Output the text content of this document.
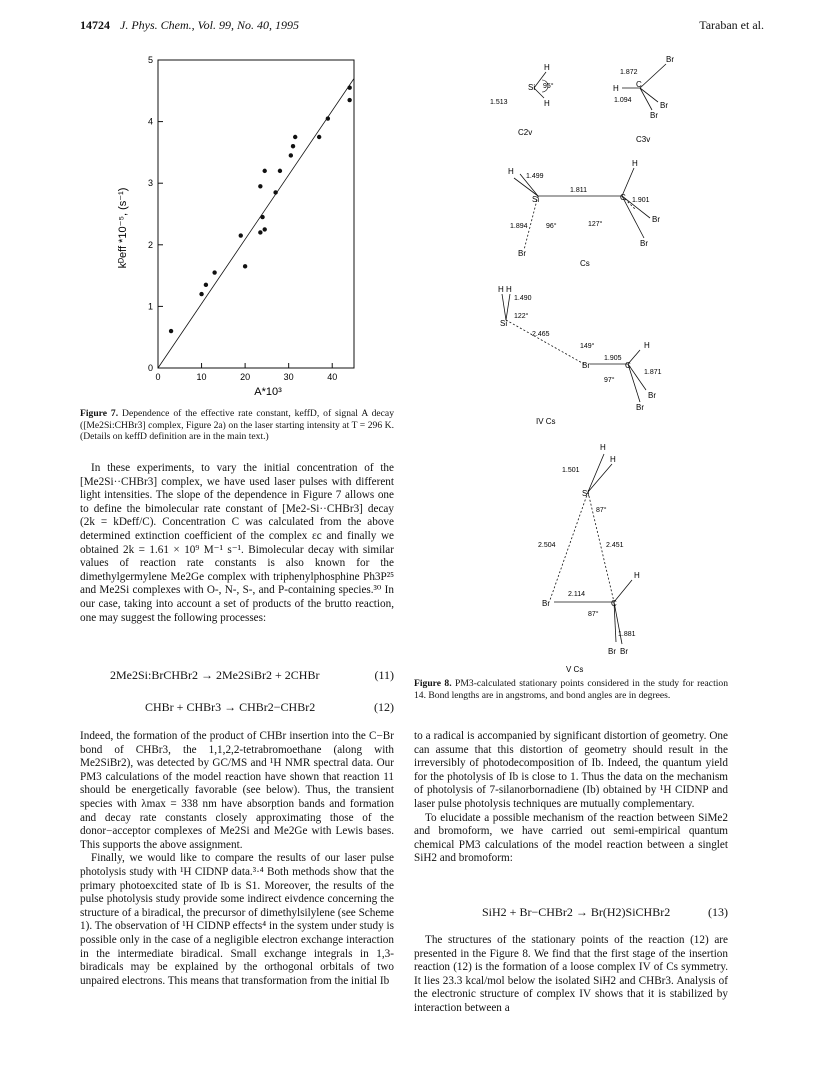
14724 J. Phys. Chem., Vol. 99, No. 40, 1995	Taraban et al.
0	10	20	30	40
0
1
2
3
4
5
kᴰeff *10⁻⁵, (s⁻¹)
A*10³
Figure 7. Dependence of the effective rate constant, keffD, of signal A decay ([Me2Si:CHBr3] complex, Figure 2a) on the laser starting intensity at T = 296 K. (Details on keffD definition are in the main text.)

In these experiments, to vary the initial concentration of the [Me2Si··CHBr3] complex, we have used laser pulses with different light intensities. The slope of the dependence in Figure 7 allows one to define the bimolecular rate constant of [Me2-Si··CHBr3] decay (2k = kDeff/C). Concentration C was calculated from the above determined extinction coefficient of the complex εc and finally we obtained 2k = 1.61 × 10⁹ M⁻¹ s⁻¹. Bimolecular decay with similar values of reaction rate constants is also known for the dimethylgermylene Me2Ge complex with triphenylphosphine Ph3P²⁵ and Me2Si complexes with O-, N-, S-, and P-containing species.³⁰ In our case, taking into account a set of products of the brutto reaction, one may suggest the following processes:

2Me2Si:BrCHBr2 → 2Me2SiBr2 + 2CHBr	(11)
CHBr + CHBr3 → CHBr2−CHBr2	(12)

Indeed, the formation of the product of CHBr insertion into the C−Br bond of CHBr3, the 1,1,2,2-tetrabromoethane (along with Me2SiBr2), was detected by GC/MS and ¹H NMR spectral data. Our PM3 calculations of the model reaction have shown that reaction 11 should be energetically favorable (see below). Thus, the transient species with λmax = 338 nm have absorption bands and formation and decay rate constants closely approximating those of the donor−acceptor complexes of Me2Si and Me2Ge with Lewis bases. This supports the above assignment.

Finally, we would like to compare the results of our laser pulse photolysis study with ¹H CIDNP data.³·⁴ Both methods show that the primary photoexcited state of Ib is S1. Moreover, the results of the pulse photolysis study provide some indirect eivdence concerning the structure of a biradical, the precursor of dimethylsilylene (see Scheme 1). The observation of ¹H CIDNP effects⁴ in the system under study is possible only in the case of a negligible electron exchange interaction in the intermediate biradical. Small exchange integrals in 1,3-biradicals may be explained by the orthogonal orbitals of two unpaired electrons. This means that transformation from the initial Ib

Si
H
H
95°
1.513
C2v
Br
H C
Br
Br
1.872
1.094
C3v
H
Si	C
H
Br
Br
Br
1.499
1.811
1.901
1.894	96°	127°
Cs
H H
Si
Br	C
H
Br
Br
1.490
122°
2.465
149°
1.905
1.871
97°
IV Cs
H
H
Si
Br	C
H
Br Br
1.501
87°
2.504	2.451
2.114
87°
1.881
V Cs
Figure 8. PM3-calculated stationary points considered in the study for reaction 14. Bond lengths are in angstroms, and bond angles are in degrees.

to a radical is accompanied by significant distortion of geometry. One can assume that this distortion of geometry should result in the irreversibly of photodecomposition of Ib. Indeed, the quantum yield for the photolysis of Ib is close to 1. Thus the data on the mechanism of photolysis of 7-silanorbornadiene (Ib) obtained by ¹H CIDNP and laser pulse photolysis techniques are mutually complementary.

To elucidate a possible mechanism of the reaction between SiMe2 and bromoform, we have carried out semi-empirical quantum chemical PM3 calculations of the model reaction between a singlet SiH2 and bromoform:

SiH2 + Br−CHBr2 → Br(H2)SiCHBr2	(13)

The structures of the stationary points of the reaction (12) are presented in the Figure 8. We find that the first stage of the insertion reaction (12) is the formation of a loose complex IV of Cs symmetry. It lies 23.3 kcal/mol below the isolated SiH2 and CHBr3. Analysis of the electronic structure of complex IV shows that it is stabilized by interaction between a
